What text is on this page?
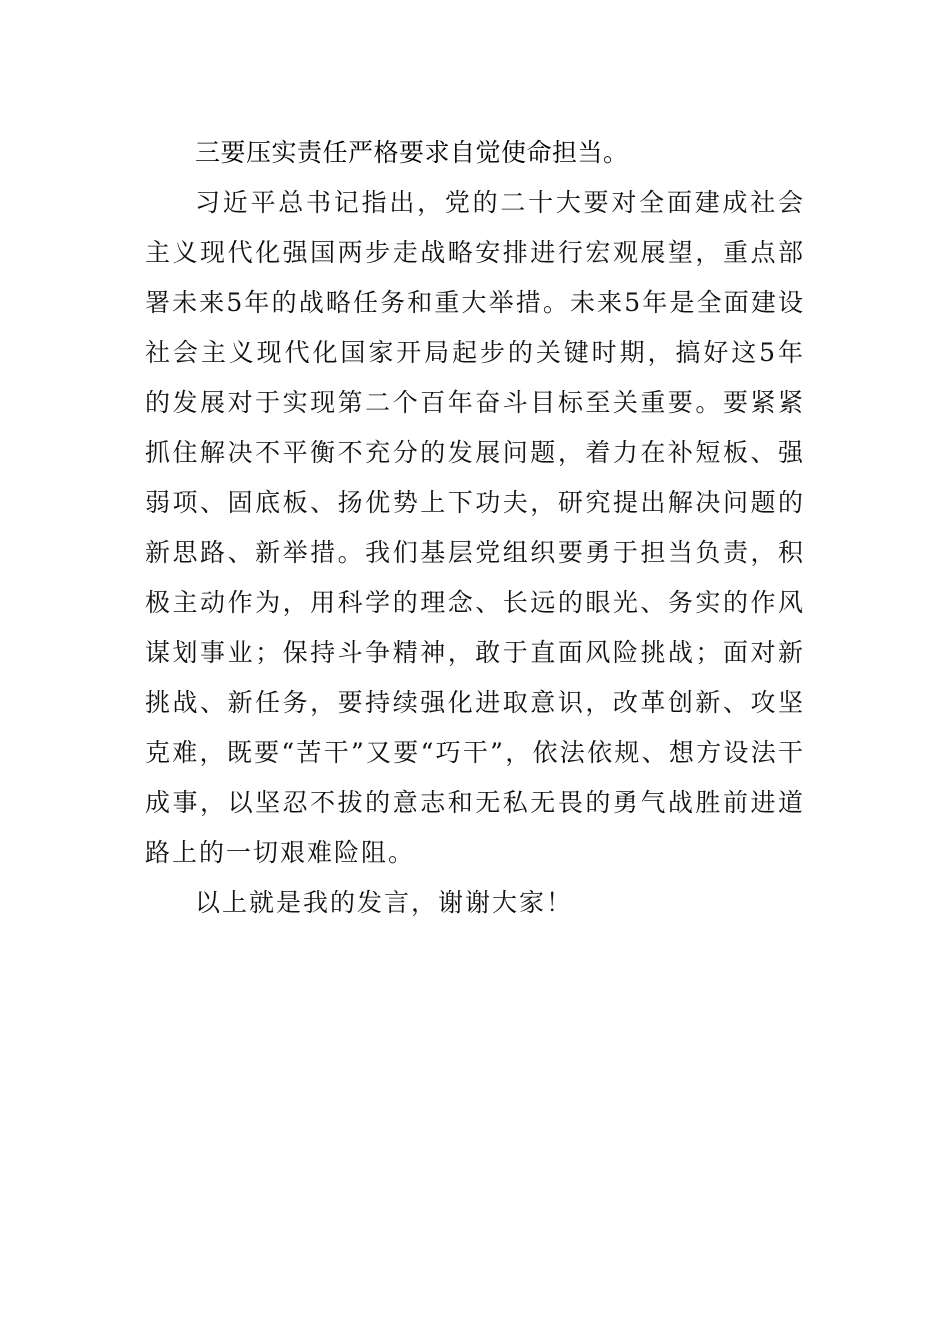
三要压实责任严格要求自觉使命担当。

习近平总书记指出，党的二十大要对全面建成社会主义现代化强国两步走战略安排进行宏观展望，重点部署未来5年的战略任务和重大举措。未来5年是全面建设社会主义现代化国家开局起步的关键时期，搞好这5年的发展对于实现第二个百年奋斗目标至关重要。要紧紧抓住解决不平衡不充分的发展问题，着力在补短板、强弱项、固底板、扬优势上下功夫，研究提出解决问题的新思路、新举措。我们基层党组织要勇于担当负责，积极主动作为，用科学的理念、长远的眼光、务实的作风谋划事业；保持斗争精神，敢于直面风险挑战；面对新挑战、新任务，要持续强化进取意识，改革创新、攻坚克难，既要“苦干”又要“巧干”，依法依规、想方设法干成事，以坚忍不拔的意志和无私无畏的勇气战胜前进道路上的一切艰难险阻。

以上就是我的发言，谢谢大家！
